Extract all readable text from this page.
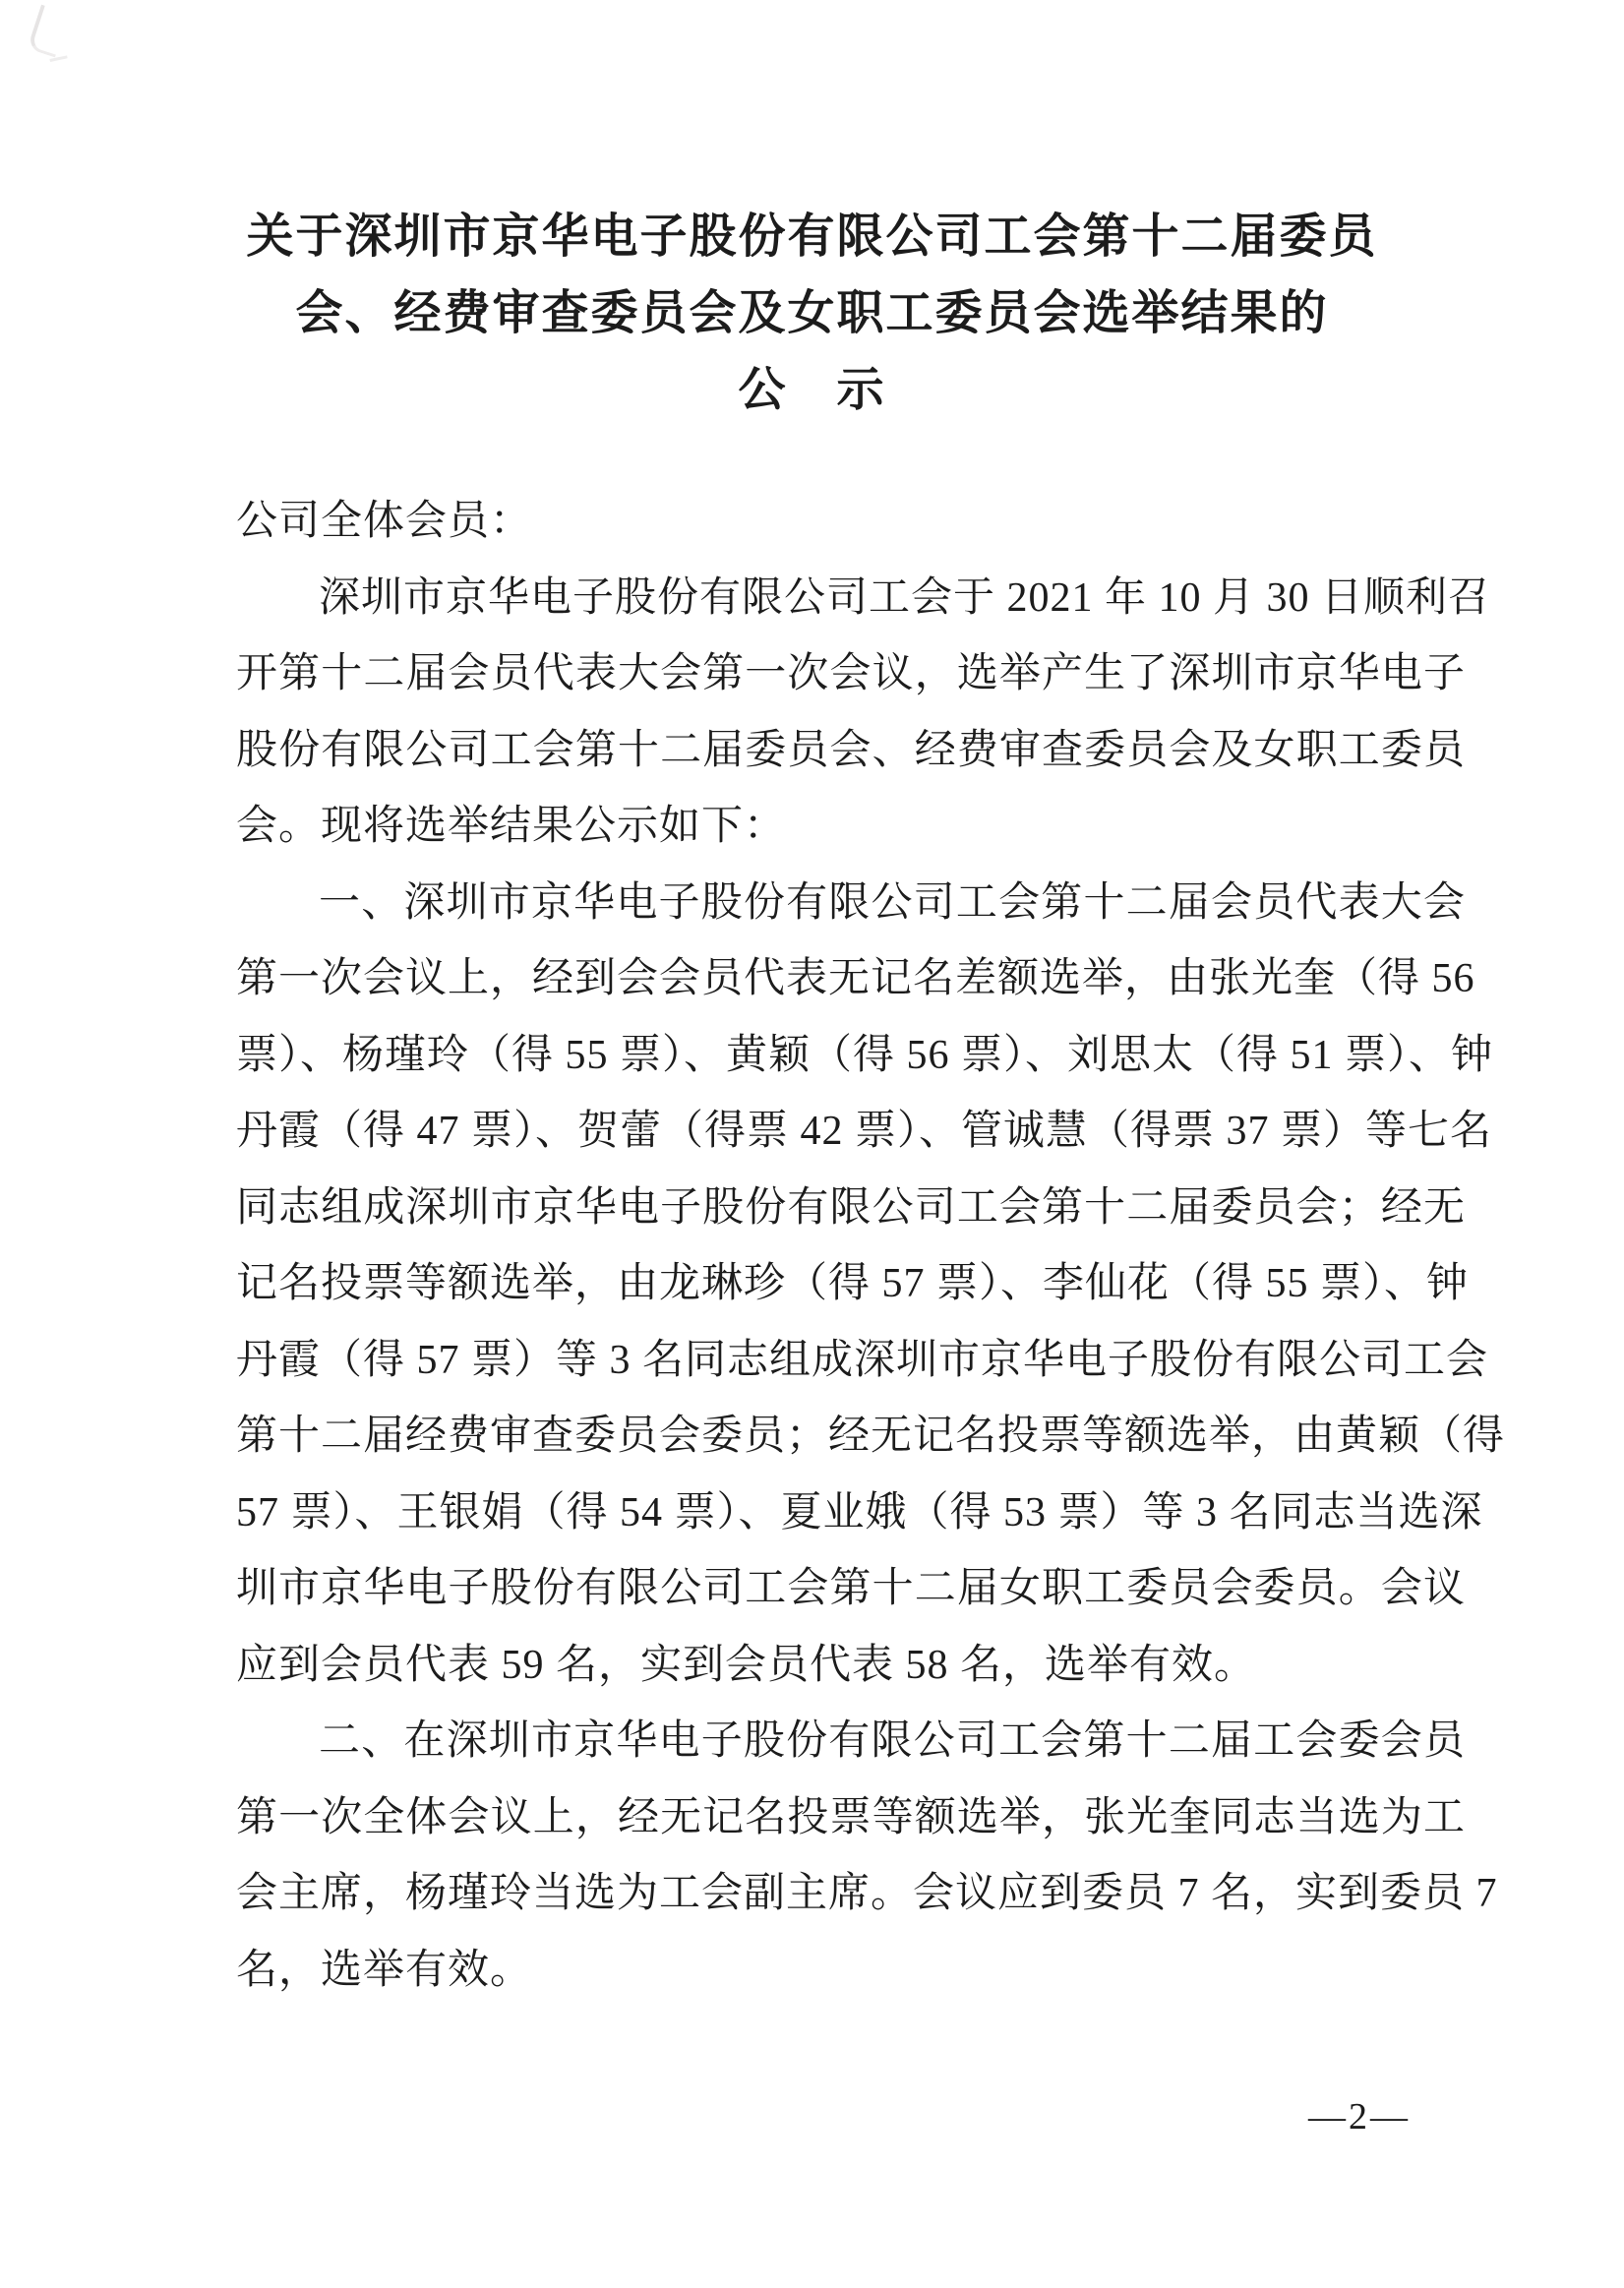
关于深圳市京华电子股份有限公司工会第十二届委员
会、经费审查委员会及女职工委员会选举结果的
公　示
公司全体会员：
深圳市京华电子股份有限公司工会于 2021 年 10 月 30 日顺利召
开第十二届会员代表大会第一次会议，选举产生了深圳市京华电子
股份有限公司工会第十二届委员会、经费审查委员会及女职工委员
会。现将选举结果公示如下：
一、深圳市京华电子股份有限公司工会第十二届会员代表大会
第一次会议上，经到会会员代表无记名差额选举，由张光奎（得 56
票）、杨瑾玲（得 55 票）、黄颖（得 56 票）、刘思太（得 51 票）、钟
丹霞（得 47 票）、贺蕾（得票 42 票）、管诚慧（得票 37 票）等七名
同志组成深圳市京华电子股份有限公司工会第十二届委员会；经无
记名投票等额选举，由龙琳珍（得 57 票）、李仙花（得 55 票）、钟
丹霞（得 57 票）等 3 名同志组成深圳市京华电子股份有限公司工会
第十二届经费审查委员会委员；经无记名投票等额选举，由黄颖（得
57 票）、王银娟（得 54 票）、夏业娥（得 53 票）等 3 名同志当选深
圳市京华电子股份有限公司工会第十二届女职工委员会委员。会议
应到会员代表 59 名，实到会员代表 58 名，选举有效。
二、在深圳市京华电子股份有限公司工会第十二届工会委会员
第一次全体会议上，经无记名投票等额选举，张光奎同志当选为工
会主席，杨瑾玲当选为工会副主席。会议应到委员 7 名，实到委员 7
名，选举有效。
—2—
